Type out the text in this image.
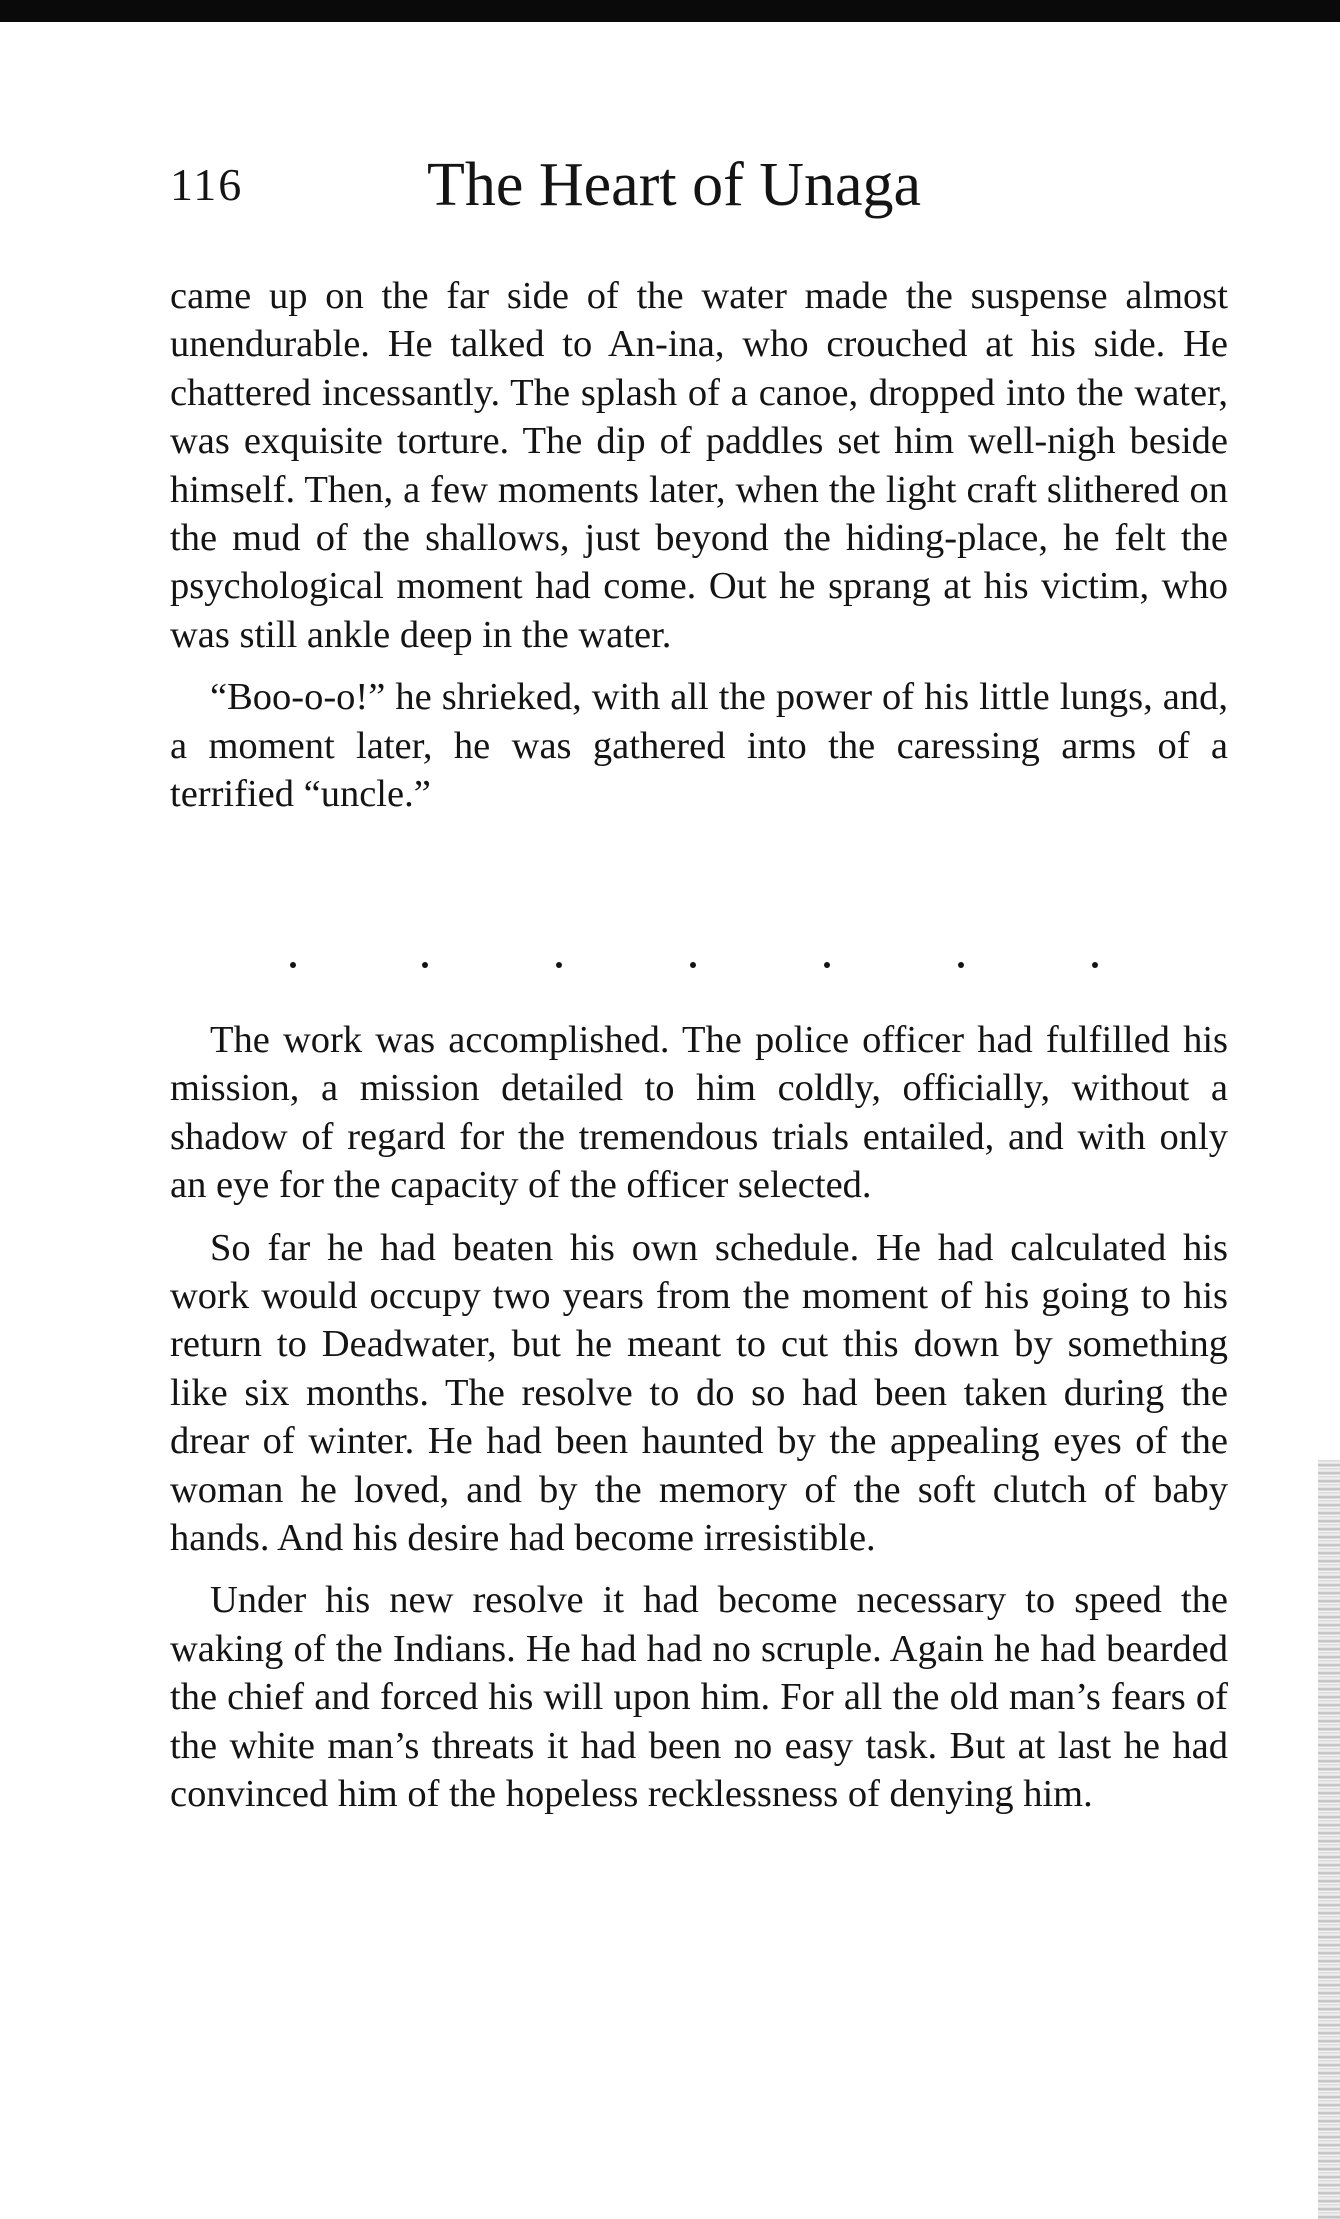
116	The Heart of Unaga

came up on the far side of the water made the suspense almost unendurable. He talked to An-ina, who crouched at his side. He chattered incessantly. The splash of a canoe, dropped into the water, was exquisite torture. The dip of paddles set him well-nigh beside himself. Then, a few moments later, when the light craft slithered on the mud of the shallows, just beyond the hiding-place, he felt the psychological moment had come. Out he sprang at his victim, who was still ankle deep in the water.

“Boo-o-o!” he shrieked, with all the power of his little lungs, and, a moment later, he was gathered into the caressing arms of a terrified “uncle.”

The work was accomplished. The police officer had fulfilled his mission, a mission detailed to him coldly, officially, without a shadow of regard for the tremendous trials entailed, and with only an eye for the capacity of the officer selected.

So far he had beaten his own schedule. He had calculated his work would occupy two years from the moment of his going to his return to Deadwater, but he meant to cut this down by something like six months. The resolve to do so had been taken during the drear of winter. He had been haunted by the appealing eyes of the woman he loved, and by the memory of the soft clutch of baby hands. And his desire had become irresistible.

Under his new resolve it had become necessary to speed the waking of the Indians. He had had no scruple. Again he had bearded the chief and forced his will upon him. For all the old man’s fears of the white man’s threats it had been no easy task. But at last he had convinced him of the hopeless recklessness of denying him.
